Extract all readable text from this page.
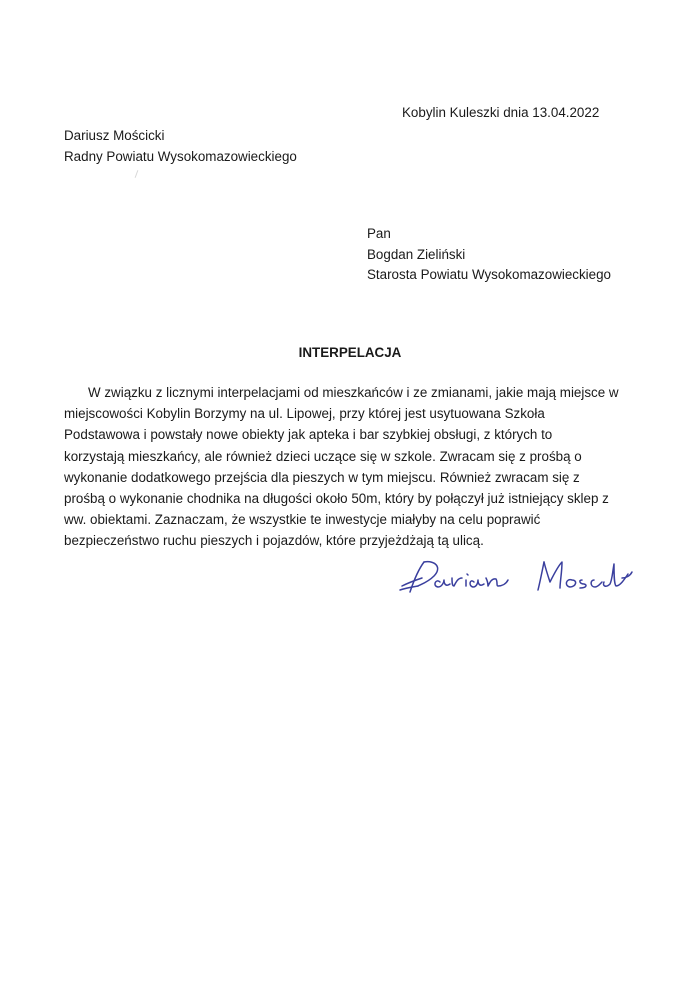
Kobylin Kuleszki dnia 13.04.2022
Dariusz Mościcki
Radny Powiatu Wysokomazowieckiego
Pan
Bogdan Zieliński
Starosta Powiatu Wysokomazowieckiego
INTERPELACJA
W związku z licznymi interpelacjami od mieszkańców i ze zmianami, jakie mają miejsce w
miejscowości Kobylin Borzymy na ul. Lipowej, przy której jest usytuowana Szkoła
Podstawowa i powstały nowe obiekty jak apteka i bar szybkiej obsługi, z których to
korzystają mieszkańcy, ale również dzieci uczące się w szkole. Zwracam się z prośbą o
wykonanie dodatkowego przejścia dla pieszych w tym miejscu. Również zwracam się z
prośbą o wykonanie chodnika na długości około 50m, który by połączył już istniejący sklep z
ww. obiektami. Zaznaczam, że wszystkie te inwestycje miałyby na celu poprawić
bezpieczeństwo ruchu pieszych i pojazdów, które przyjeżdżają tą ulicą.
